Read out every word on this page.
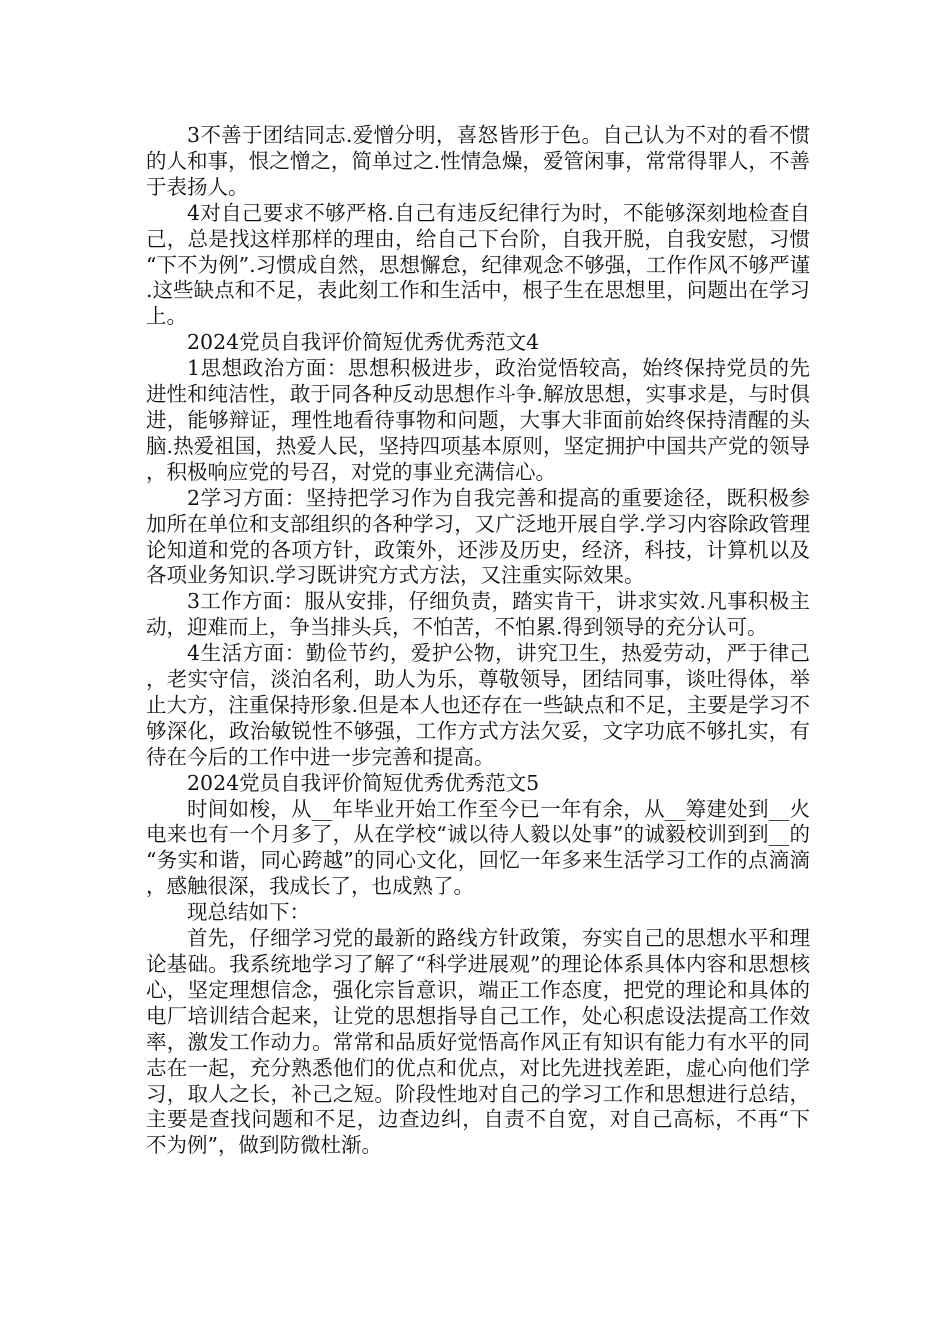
3不善于团结同志.爱憎分明，喜怒皆形于色。自己认为不对的看不惯的人和事，恨之憎之，简单过之.性情急燥，爱管闲事，常常得罪人，不善于表扬人。

4对自己要求不够严格.自己有违反纪律行为时，不能够深刻地检查自己，总是找这样那样的理由，给自己下台阶，自我开脱，自我安慰，习惯“下不为例”.习惯成自然，思想懈怠，纪律观念不够强，工作作风不够严谨.这些缺点和不足，表此刻工作和生活中，根子生在思想里，问题出在学习上。

2024党员自我评价简短优秀优秀范文4

1思想政治方面：思想积极进步，政治觉悟较高，始终保持党员的先进性和纯洁性，敢于同各种反动思想作斗争.解放思想，实事求是，与时俱进，能够辩证，理性地看待事物和问题，大事大非面前始终保持清醒的头脑.热爱祖国，热爱人民，坚持四项基本原则，坚定拥护中国共产党的领导，积极响应党的号召，对党的事业充满信心。

2学习方面：坚持把学习作为自我完善和提高的重要途径，既积极参加所在单位和支部组织的各种学习，又广泛地开展自学.学习内容除政管理论知道和党的各项方针，政策外，还涉及历史，经济，科技，计算机以及各项业务知识.学习既讲究方式方法，又注重实际效果。

3工作方面：服从安排，仔细负责，踏实肯干，讲求实效.凡事积极主动，迎难而上，争当排头兵，不怕苦，不怕累.得到领导的充分认可。

4生活方面：勤俭节约，爱护公物，讲究卫生，热爱劳动，严于律己，老实守信，淡泊名利，助人为乐，尊敬领导，团结同事，谈吐得体，举止大方，注重保持形象.但是本人也还存在一些缺点和不足，主要是学习不够深化，政治敏锐性不够强，工作方式方法欠妥，文字功底不够扎实，有待在今后的工作中进一步完善和提高。

2024党员自我评价简短优秀优秀范文5

时间如梭，从__年毕业开始工作至今已一年有余，从__筹建处到__火电来也有一个月多了，从在学校“诚以待人毅以处事”的诚毅校训到到__的“务实和谐，同心跨越”的同心文化，回忆一年多来生活学习工作的点滴滴，感触很深，我成长了，也成熟了。

现总结如下：

首先，仔细学习党的最新的路线方针政策，夯实自己的思想水平和理论基础。我系统地学习了解了“科学进展观”的理论体系具体内容和思想核心，坚定理想信念，强化宗旨意识，端正工作态度，把党的理论和具体的电厂培训结合起来，让党的思想指导自己工作，处心积虑设法提高工作效率，激发工作动力。常常和品质好觉悟高作风正有知识有能力有水平的同志在一起，充分熟悉他们的优点和优点，对比先进找差距，虚心向他们学习，取人之长，补己之短。阶段性地对自己的学习工作和思想进行总结，主要是查找问题和不足，边查边纠，自责不自宽，对自己高标，不再“下不为例”，做到防微杜渐。
